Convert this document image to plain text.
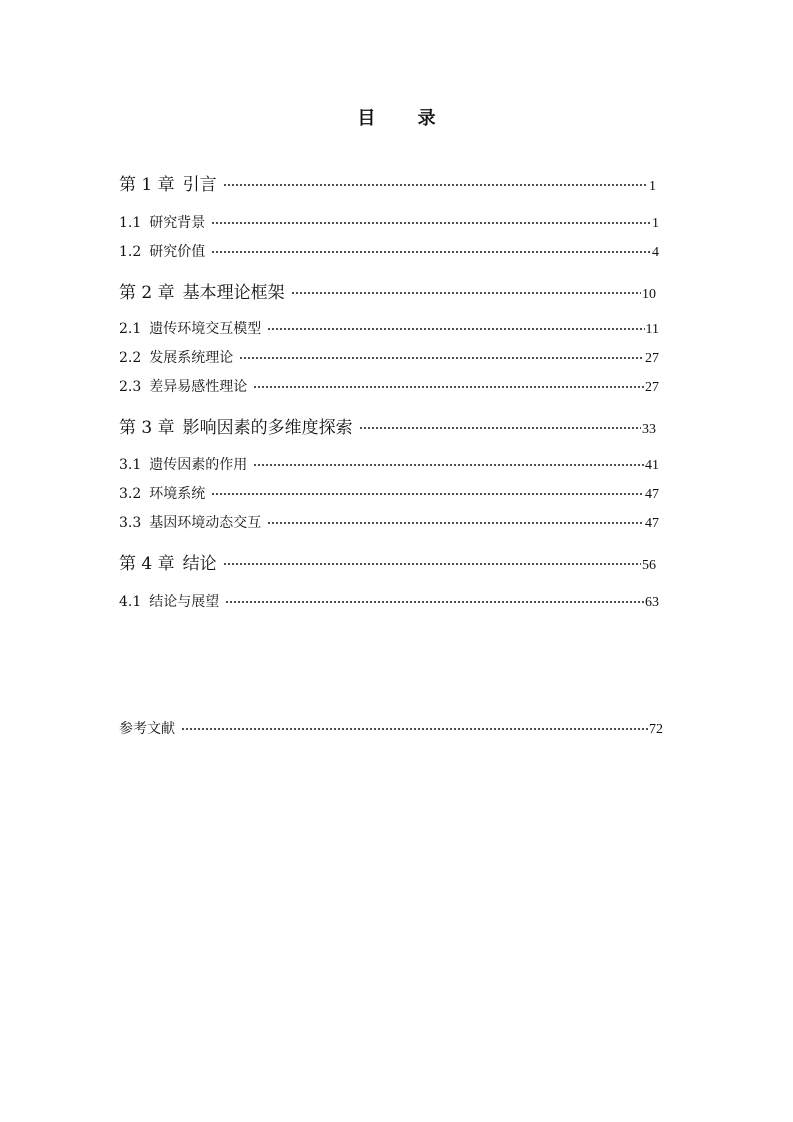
目 录
第 1 章 引言	1
1.1 研究背景	1
1.2 研究价值	4
第 2 章 基本理论框架	10
2.1 遗传环境交互模型	11
2.2 发展系统理论	27
2.3 差异易感性理论	27
第 3 章 影响因素的多维度探索	33
3.1 遗传因素的作用	41
3.2 环境系统	47
3.3 基因环境动态交互	47
第 4 章 结论	56
4.1 结论与展望	63
参考文献	72
